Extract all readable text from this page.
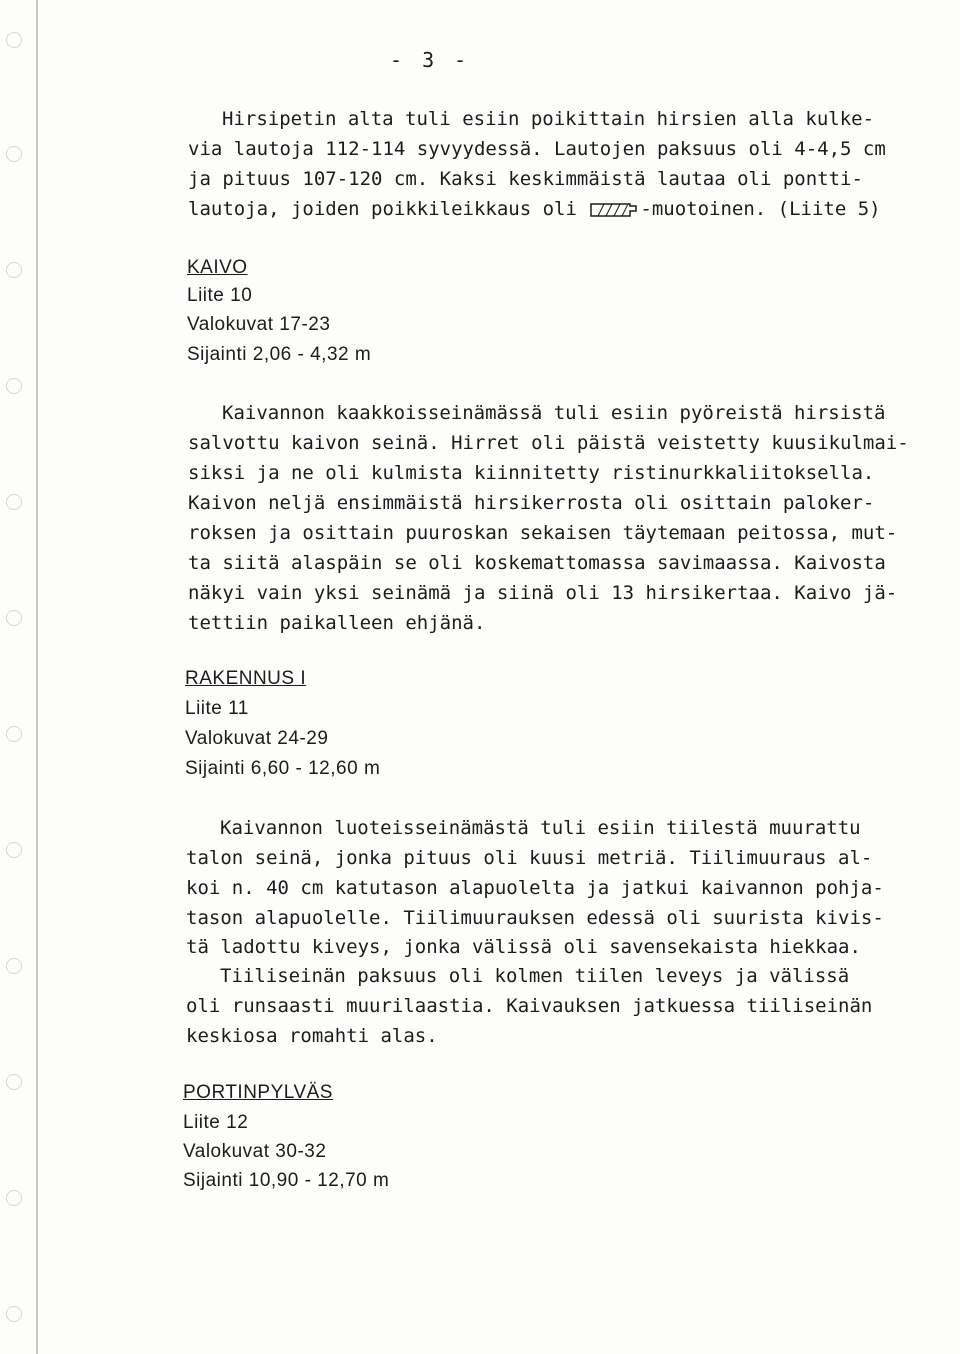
- 3 -
Hirsipetin alta tuli esiin poikittain hirsien alla kulke-
via lautoja 112-114 syvyydessä. Lautojen paksuus oli 4-4,5 cm
ja pituus 107-120 cm. Kaksi keskimmäistä lautaa oli pontti-
lautoja, joiden poikkileikkaus oli	-muotoinen. (Liite 5)
KAIVO
Liite 10
Valokuvat 17-23
Sijainti 2,06 - 4,32 m
Kaivannon kaakkoisseinämässä tuli esiin pyöreistä hirsistä
salvottu kaivon seinä. Hirret oli päistä veistetty kuusikulmai-
siksi ja ne oli kulmista kiinnitetty ristinurkkaliitoksella.
Kaivon neljä ensimmäistä hirsikerrosta oli osittain paloker-
roksen ja osittain puuroskan sekaisen täytemaan peitossa, mut-
ta siitä alaspäin se oli koskemattomassa savimaassa. Kaivosta
näkyi vain yksi seinämä ja siinä oli 13 hirsikertaa. Kaivo jä-
tettiin paikalleen ehjänä.
RAKENNUS I
Liite 11
Valokuvat 24-29
Sijainti 6,60 - 12,60 m
Kaivannon luoteisseinämästä tuli esiin tiilestä muurattu
talon seinä, jonka pituus oli kuusi metriä. Tiilimuuraus al-
koi n. 40 cm katutason alapuolelta ja jatkui kaivannon pohja-
tason alapuolelle. Tiilimuurauksen edessä oli suurista kivis-
tä ladottu kiveys, jonka välissä oli savensekaista hiekkaa.
Tiiliseinän paksuus oli kolmen tiilen leveys ja välissä
oli runsaasti muurilaastia. Kaivauksen jatkuessa tiiliseinän
keskiosa romahti alas.
PORTINPYLVÄS
Liite 12
Valokuvat 30-32
Sijainti 10,90 - 12,70 m
